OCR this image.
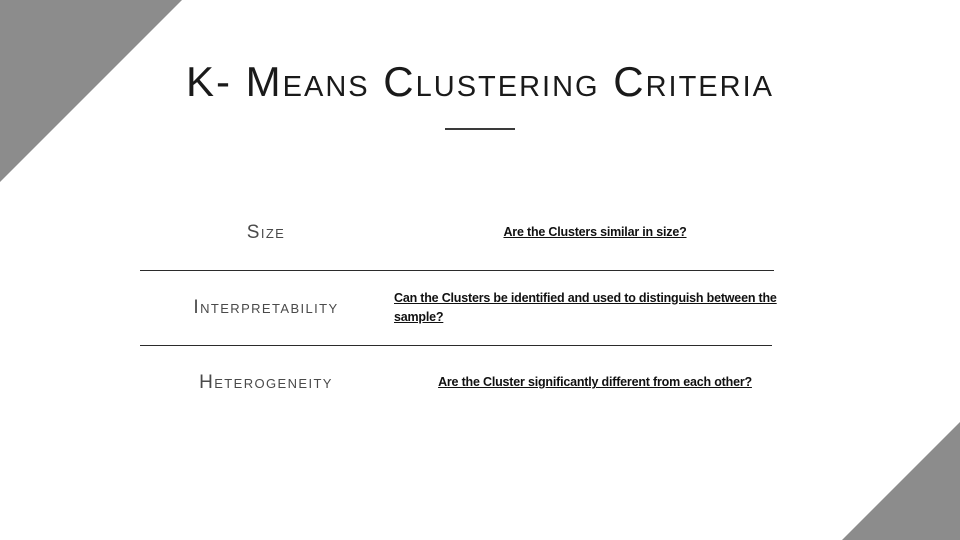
K- Means Clustering Criteria
Size	Are the Clusters similar in size?
Interpretability	Can the Clusters be identified and used to distinguish between the sample?
Heterogeneity	Are the Cluster significantly different from each other?
